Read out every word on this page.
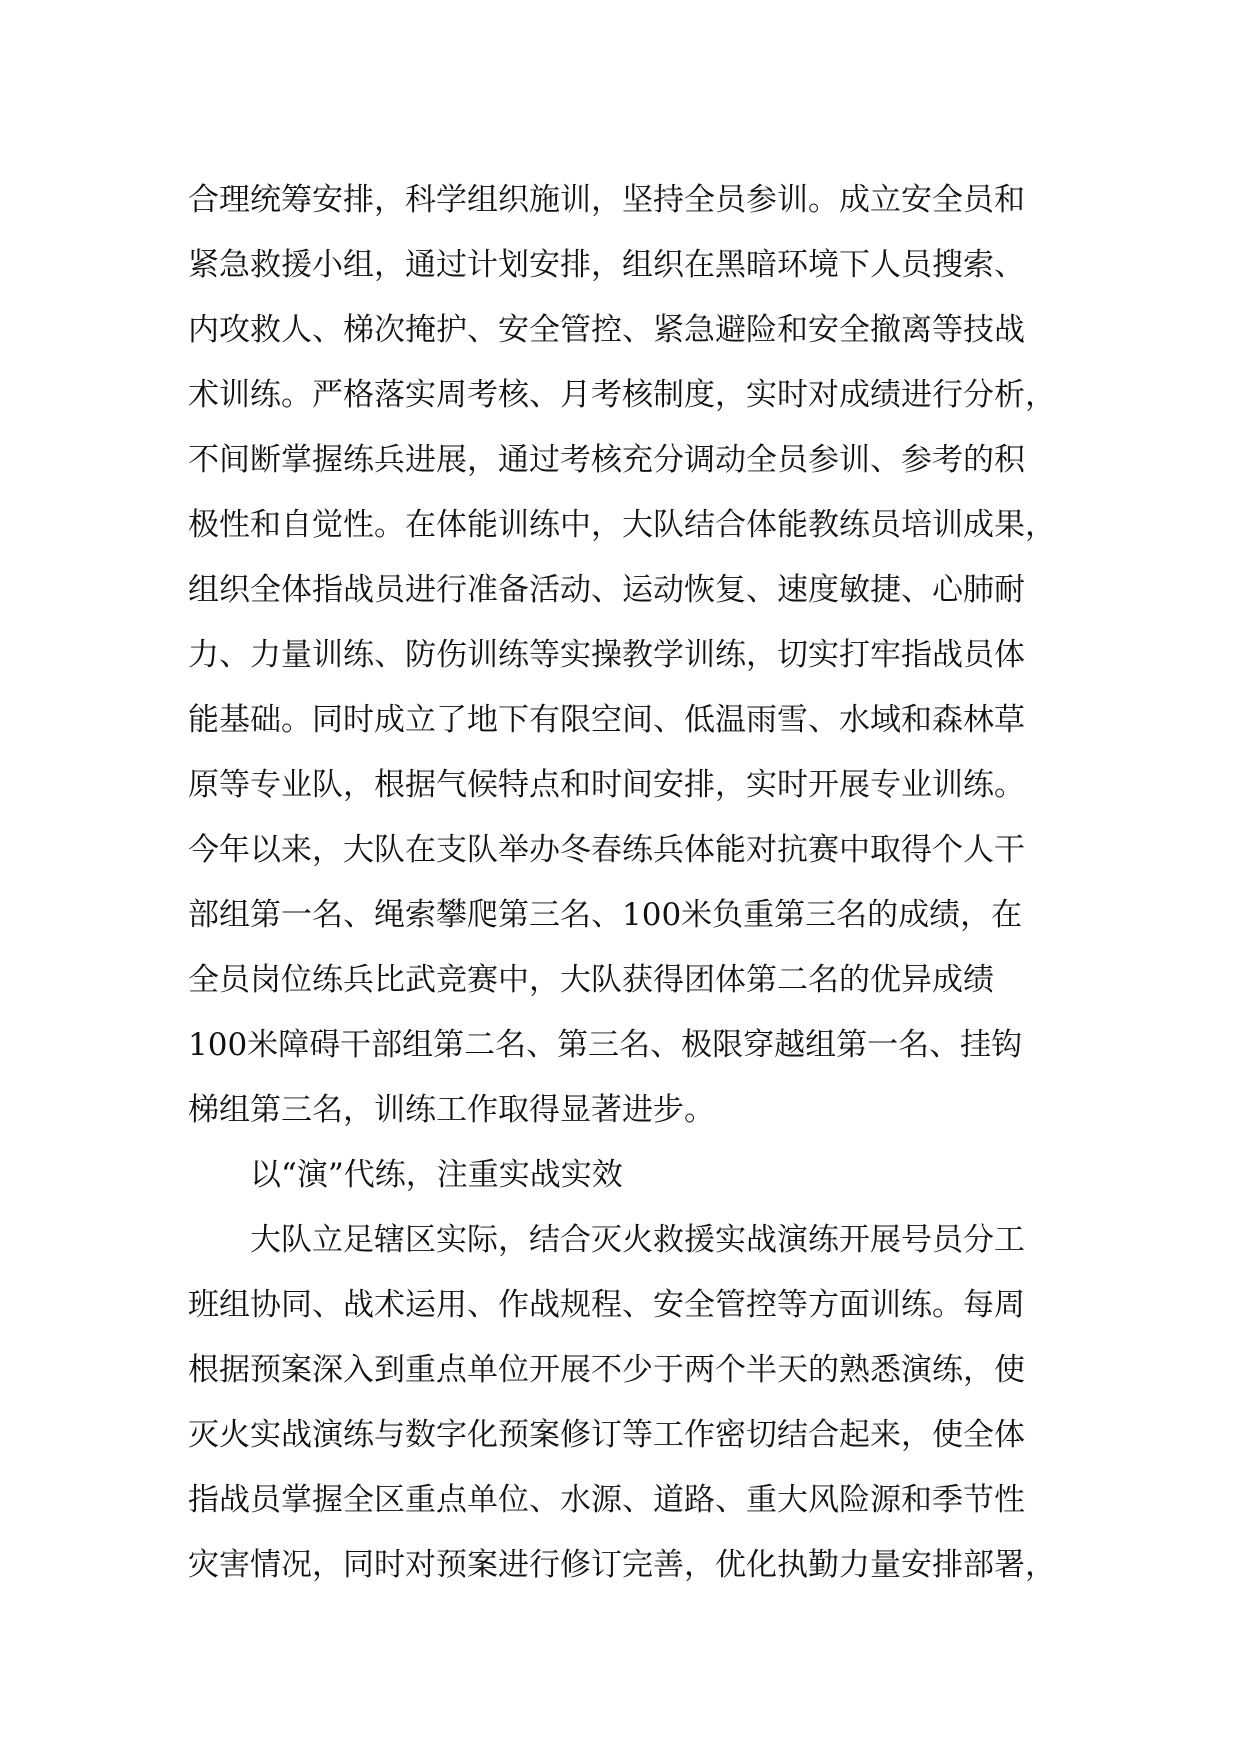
合理统筹安排，科学组织施训，坚持全员参训。成立安全员和
紧急救援小组，通过计划安排，组织在黑暗环境下人员搜索、
内攻救人、梯次掩护、安全管控、紧急避险和安全撤离等技战
术训练。严格落实周考核、月考核制度，实时对成绩进行分析，
不间断掌握练兵进展，通过考核充分调动全员参训、参考的积
极性和自觉性。在体能训练中，大队结合体能教练员培训成果，
组织全体指战员进行准备活动、运动恢复、速度敏捷、心肺耐
力、力量训练、防伤训练等实操教学训练，切实打牢指战员体
能基础。同时成立了地下有限空间、低温雨雪、水域和森林草
原等专业队，根据气候特点和时间安排，实时开展专业训练。
今年以来，大队在支队举办冬春练兵体能对抗赛中取得个人干
部组第一名、绳索攀爬第三名、100米负重第三名的成绩，在
全员岗位练兵比武竞赛中，大队获得团体第二名的优异成绩
100米障碍干部组第二名、第三名、极限穿越组第一名、挂钩
梯组第三名，训练工作取得显著进步。
以“演”代练，注重实战实效
大队立足辖区实际，结合灭火救援实战演练开展号员分工
班组协同、战术运用、作战规程、安全管控等方面训练。每周
根据预案深入到重点单位开展不少于两个半天的熟悉演练，使
灭火实战演练与数字化预案修订等工作密切结合起来，使全体
指战员掌握全区重点单位、水源、道路、重大风险源和季节性
灾害情况，同时对预案进行修订完善，优化执勤力量安排部署，
